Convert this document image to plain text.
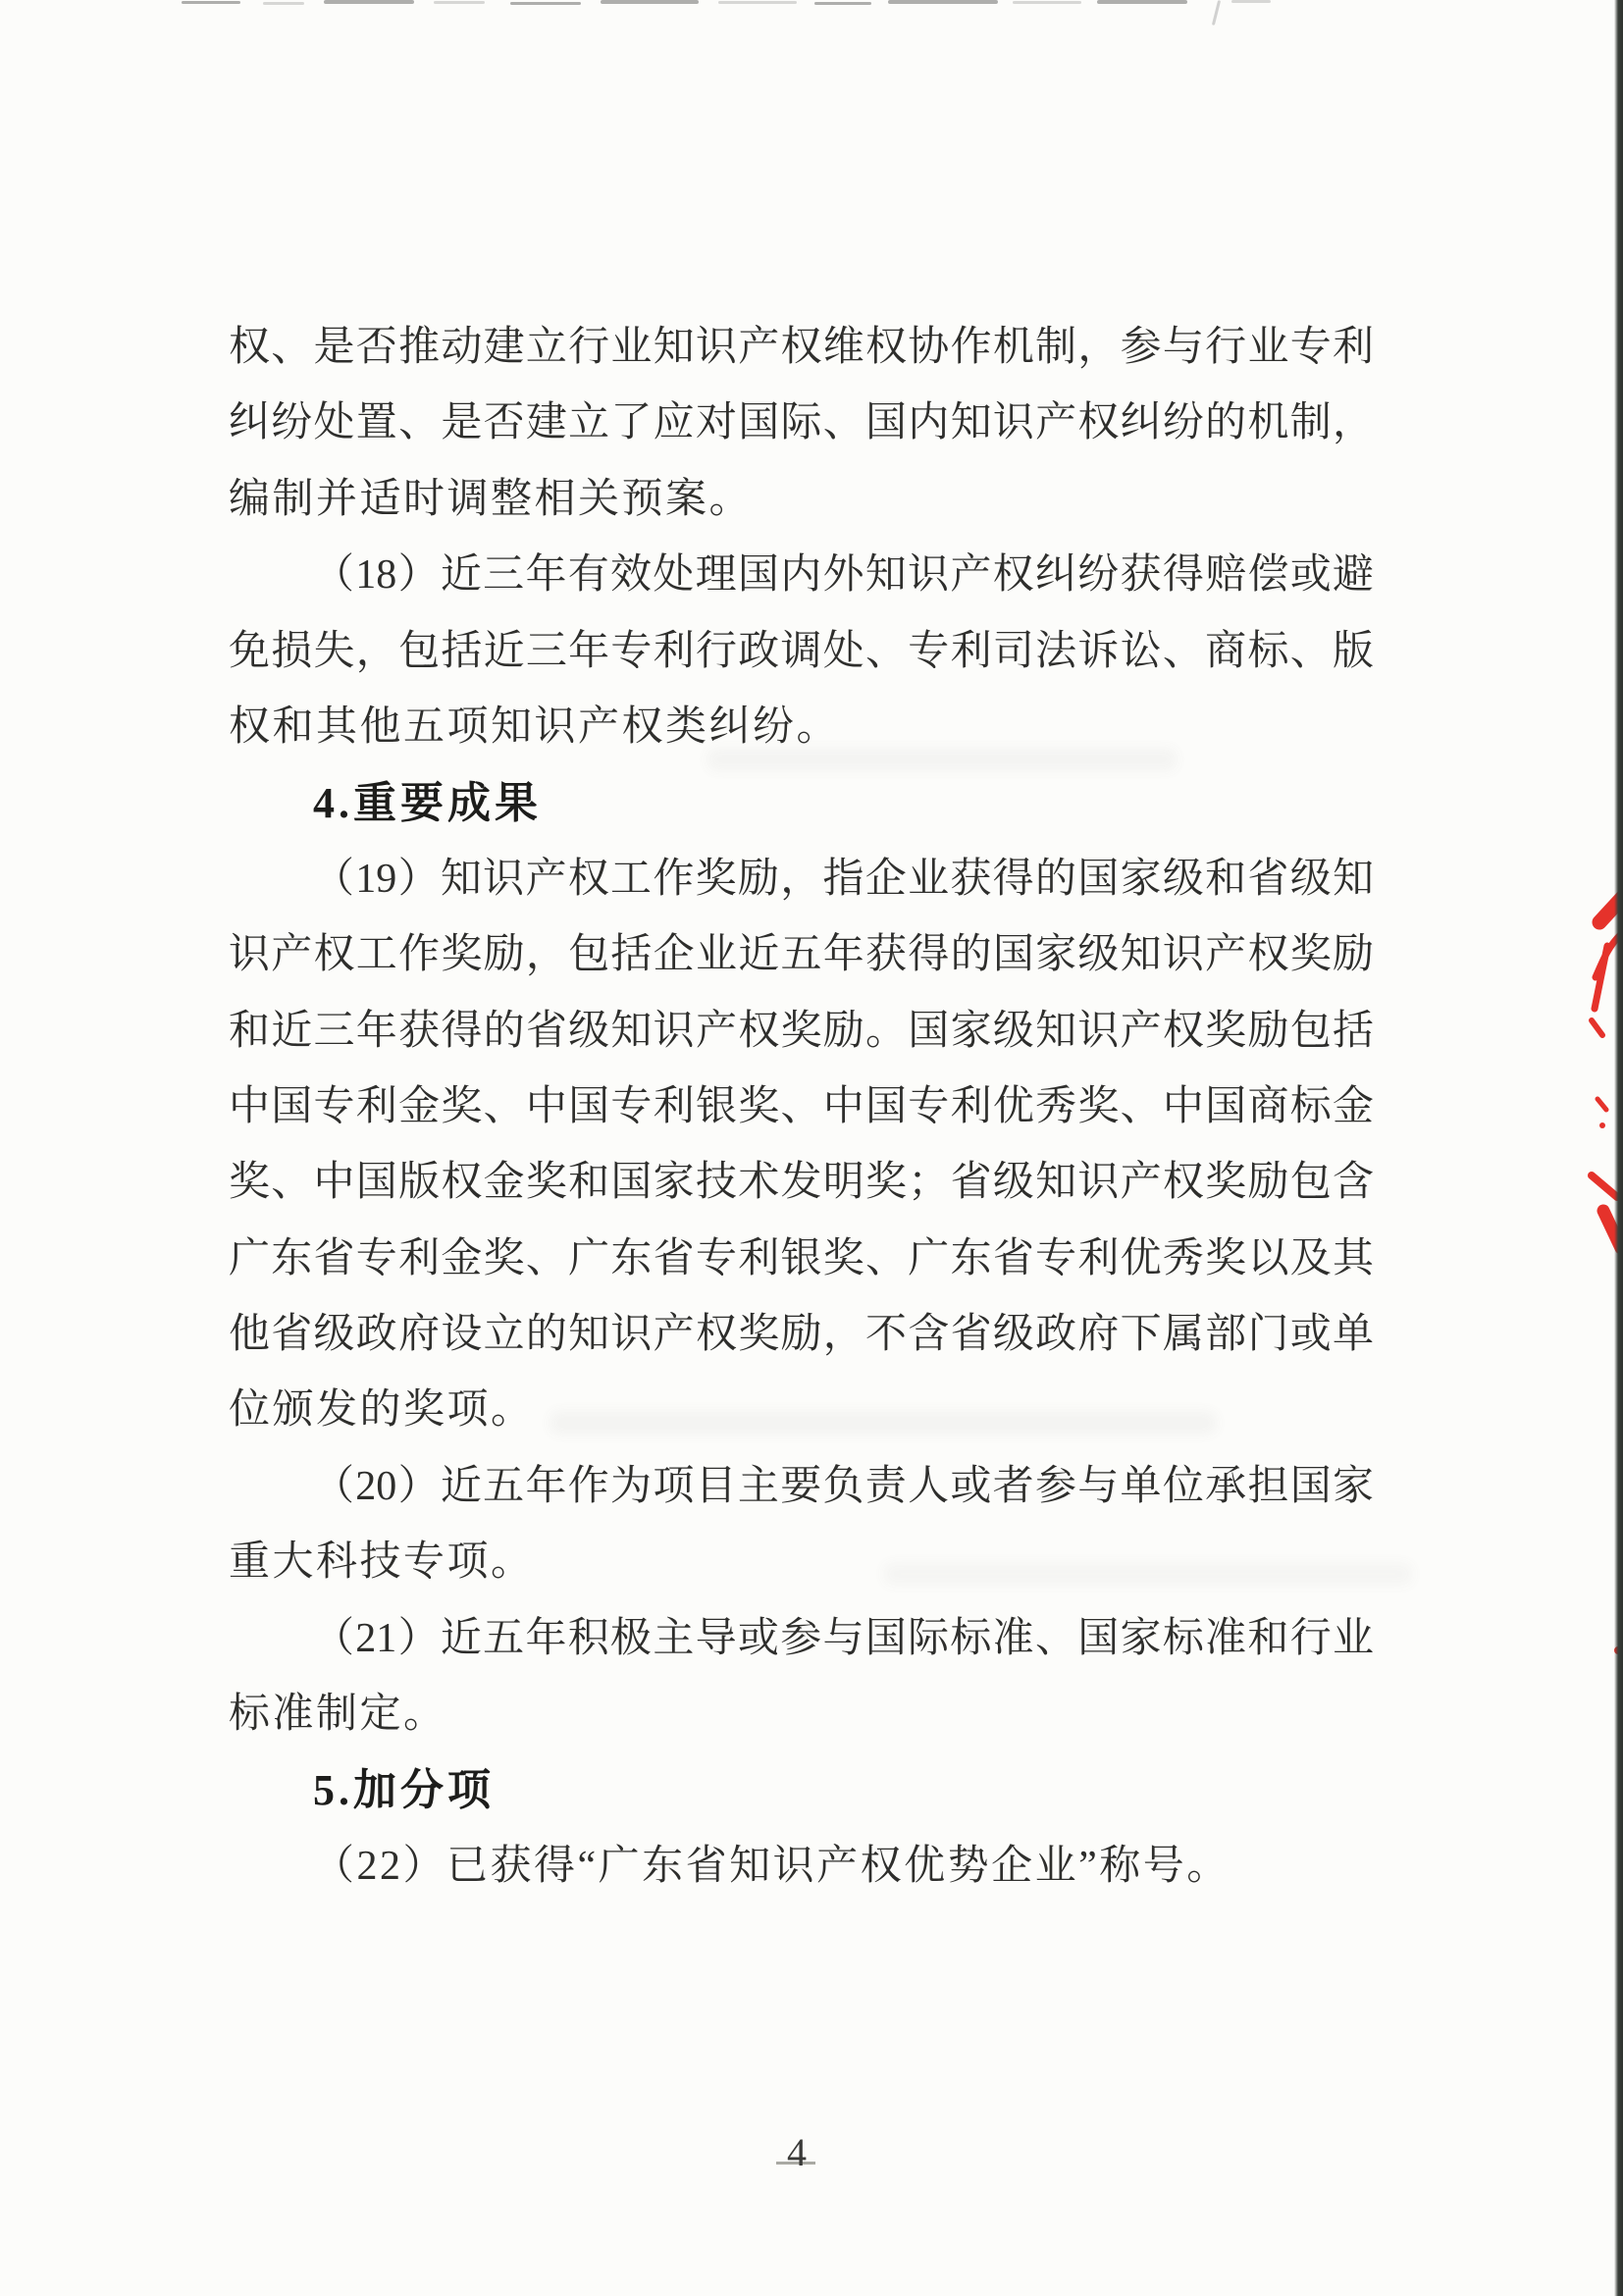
权、是否推动建立行业知识产权维权协作机制，参与行业专利
纠纷处置、是否建立了应对国际、国内知识产权纠纷的机制，
编制并适时调整相关预案。
（18）近三年有效处理国内外知识产权纠纷获得赔偿或避
免损失，包括近三年专利行政调处、专利司法诉讼、商标、版
权和其他五项知识产权类纠纷。
4.重要成果
（19）知识产权工作奖励，指企业获得的国家级和省级知
识产权工作奖励，包括企业近五年获得的国家级知识产权奖励
和近三年获得的省级知识产权奖励。国家级知识产权奖励包括
中国专利金奖、中国专利银奖、中国专利优秀奖、中国商标金
奖、中国版权金奖和国家技术发明奖；省级知识产权奖励包含
广东省专利金奖、广东省专利银奖、广东省专利优秀奖以及其
他省级政府设立的知识产权奖励，不含省级政府下属部门或单
位颁发的奖项。
（20）近五年作为项目主要负责人或者参与单位承担国家
重大科技专项。
（21）近五年积极主导或参与国际标准、国家标准和行业
标准制定。
5.加分项
（22）已获得“广东省知识产权优势企业”称号。
4
